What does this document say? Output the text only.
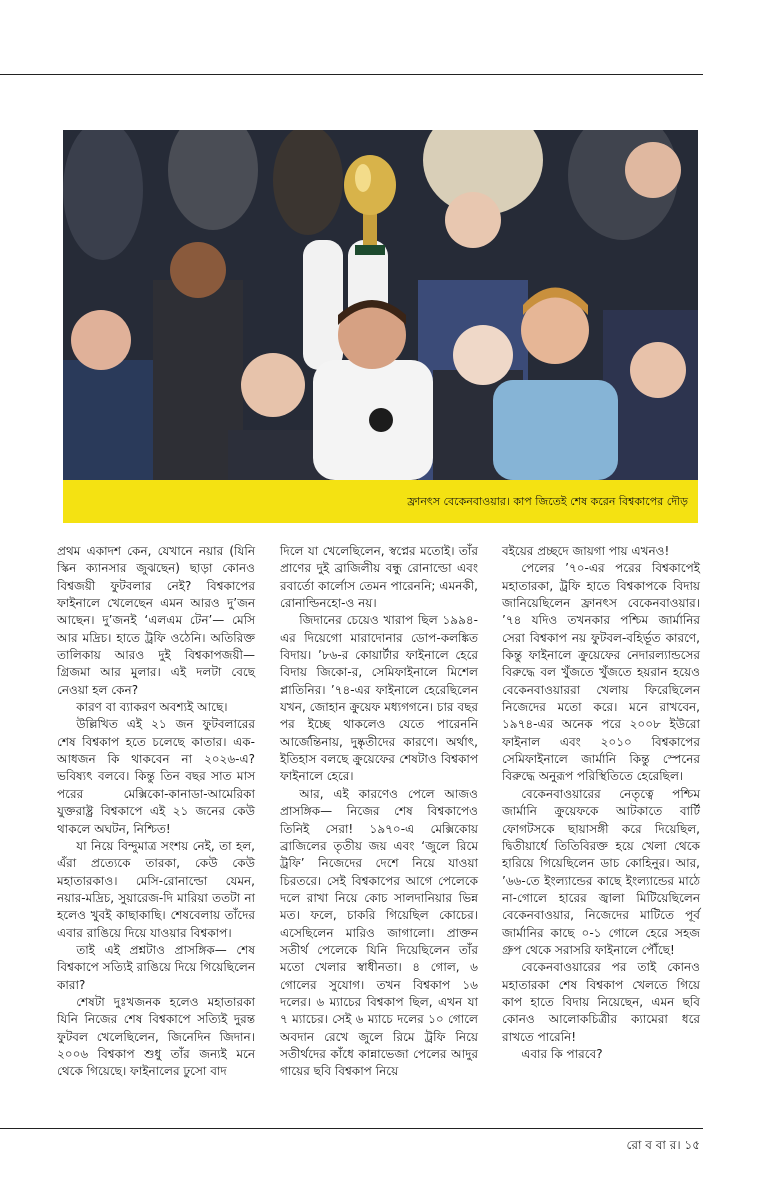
ফ্রানৎস বেকেনবাওয়ার। কাপ জিতেই শেষ করেন বিশ্বকাপের দৌড়

প্রথম একাদশ কেন, যেখানে নয়ার (যিনি স্কিন ক্যানসার জুঝছেন) ছাড়া কোনও বিশ্বজয়ী ফুটবলার নেই? বিশ্বকাপের ফাইনালে খেলেছেন এমন আরও দু’জন আছেন। দু’জনই ‘এলএম টেন’— মেসি আর মদ্রিচ। হাতে ট্রফি ওঠেনি। অতিরিক্ত তালিকায় আরও দুই বিশ্বকাপজয়ী— গ্রিজমা আর মুলার। এই দলটা বেছে নেওয়া হল কেন?

কারণ বা ব্যাকরণ অবশ্যই আছে।

উল্লিখিত এই ২১ জন ফুটবলারের শেষ বিশ্বকাপ হতে চলেছে কাতার। এক-আধজন কি থাকবেন না ২০২৬-এ? ভবিষ্যৎ বলবে। কিন্তু তিন বছর সাত মাস পরের মেক্সিকো-কানাডা-আমেরিকা যুক্তরাষ্ট্র বিশ্বকাপে এই ২১ জনের কেউ থাকলে অঘটন, নিশ্চিত!

যা নিয়ে বিন্দুমাত্র সংশয় নেই, তা হল, এঁরা প্রত্যেকে তারকা, কেউ কেউ মহাতারকাও। মেসি-রোনাল্ডো যেমন, নয়ার-মদ্রিচ, সুয়ারেজ-দি মারিয়া ততটা না হলেও খুবই কাছাকাছি। শেষবেলায় তাঁদের এবার রাঙিয়ে দিয়ে যাওয়ার বিশ্বকাপ।

তাই এই প্রশ্নটাও প্রাসঙ্গিক— শেষ বিশ্বকাপে সত্যিই রাঙিয়ে দিয়ে গিয়েছিলেন কারা?

শেষটা দুঃখজনক হলেও মহাতারকা যিনি নিজের শেষ বিশ্বকাপে সত্যিই দুরন্ত ফুটবল খেলেছিলেন, জিনেদিন জিদান। ২০০৬ বিশ্বকাপ শুধু তাঁর জন্যই মনে থেকে গিয়েছে। ফাইনালের ঢুসো বাদ

দিলে যা খেলেছিলেন, স্বপ্নের মতোই। তাঁর প্রাণের দুই ব্রাজিলীয় বন্ধু রোনাল্ডো এবং রবার্তো কার্লোস তেমন পারেননি; এমনকী, রোনাল্ডিনহো-ও নয়।

জিদানের চেয়েও খারাপ ছিল ১৯৯৪-এর দিয়েগো মারাদোনার ডোপ-কলঙ্কিত বিদায়। ’৮৬-র কোয়ার্টার ফাইনালে হেরে বিদায় জিকো-র, সেমিফাইনালে মিশেল প্লাতিনির। ’৭৪-এর ফাইনালে হেরেছিলেন যখন, জোহান ক্রুয়েফ মধ্যগগনে। চার বছর পর ইচ্ছে থাকলেও যেতে পারেননি আর্জেন্তিনায়, দুষ্কৃতীদের কারণে। অর্থাৎ, ইতিহাস বলছে ক্রুয়েফের শেষটাও বিশ্বকাপ ফাইনালে হেরে।

আর, এই কারণেও পেলে আজও প্রাসঙ্গিক— নিজের শেষ বিশ্বকাপেও তিনিই সেরা! ১৯৭০-এ মেক্সিকোয় ব্রাজিলের তৃতীয় জয় এবং ‘জুলে রিমে ট্রফি’ নিজেদের দেশে নিয়ে যাওয়া চিরতরে। সেই বিশ্বকাপের আগে পেলেকে দলে রাখা নিয়ে কোচ সালদানিয়ার ভিন্ন মত। ফলে, চাকরি গিয়েছিল কোচের। এসেছিলেন মারিও জাগালো। প্রাক্তন সতীর্থ পেলেকে যিনি দিয়েছিলেন তাঁর মতো খেলার স্বাধীনতা। ৪ গোল, ৬ গোলের সুযোগ। তখন বিশ্বকাপ ১৬ দলের। ৬ ম্যাচের বিশ্বকাপ ছিল, এখন যা ৭ ম্যাচের। সেই ৬ ম্যাচে দলের ১০ গোলে অবদান রেখে জুলে রিমে ট্রফি নিয়ে সতীর্থদের কাঁধে কান্নাভেজা পেলের আদুর গায়ের ছবি বিশ্বকাপ নিয়ে

বইয়ের প্রচ্ছদে জায়গা পায় এখনও!

পেলের ’৭০-এর পরের বিশ্বকাপেই মহাতারকা, ট্রফি হাতে বিশ্বকাপকে বিদায় জানিয়েছিলেন ফ্রানৎস বেকেনবাওয়ার। ’৭৪ যদিও তখনকার পশ্চিম জার্মানির সেরা বিশ্বকাপ নয় ফুটবল-বহির্ভূত কারণে, কিন্তু ফাইনালে ক্রুয়েফের নেদারল্যান্ডসের বিরুদ্ধে বল খুঁজতে খুঁজতে হয়রান হয়েও বেকেনবাওয়াররা খেলায় ফিরেছিলেন নিজেদের মতো করে। মনে রাখবেন, ১৯৭৪-এর অনেক পরে ২০০৮ ইউরো ফাইনাল এবং ২০১০ বিশ্বকাপের সেমিফাইনালে জার্মানি কিন্তু স্পেনের বিরুদ্ধে অনুরূপ পরিস্থিতিতে হেরেছিল।

বেকেনবাওয়ারের নেতৃত্বে পশ্চিম জার্মানি ক্রুয়েফকে আটকাতে বার্টি ফোগটসকে ছায়াসঙ্গী করে দিয়েছিল, দ্বিতীয়ার্ধে তিতিবিরক্ত হয়ে খেলা থেকে হারিয়ে গিয়েছিলেন ডাচ কোহিনুর। আর, ’৬৬-তে ইংল্যান্ডের কাছে ইংল্যান্ডের মাঠে না-গোলে হারের জ্বালা মিটিয়েছিলেন বেকেনবাওয়ার, নিজেদের মাটিতে পূর্ব জার্মানির কাছে ০-১ গোলে হেরে সহজ গ্রুপ থেকে সরাসরি ফাইনালে পৌঁছে!

বেকেনবাওয়ারের পর তাই কোনও মহাতারকা শেষ বিশ্বকাপ খেলতে গিয়ে কাপ হাতে বিদায় নিয়েছেন, এমন ছবি কোনও আলোকচিত্রীর ক্যামেরা ধরে রাখতে পারেনি!

এবার কি পারবে?

রো ব বা র। ১৫
